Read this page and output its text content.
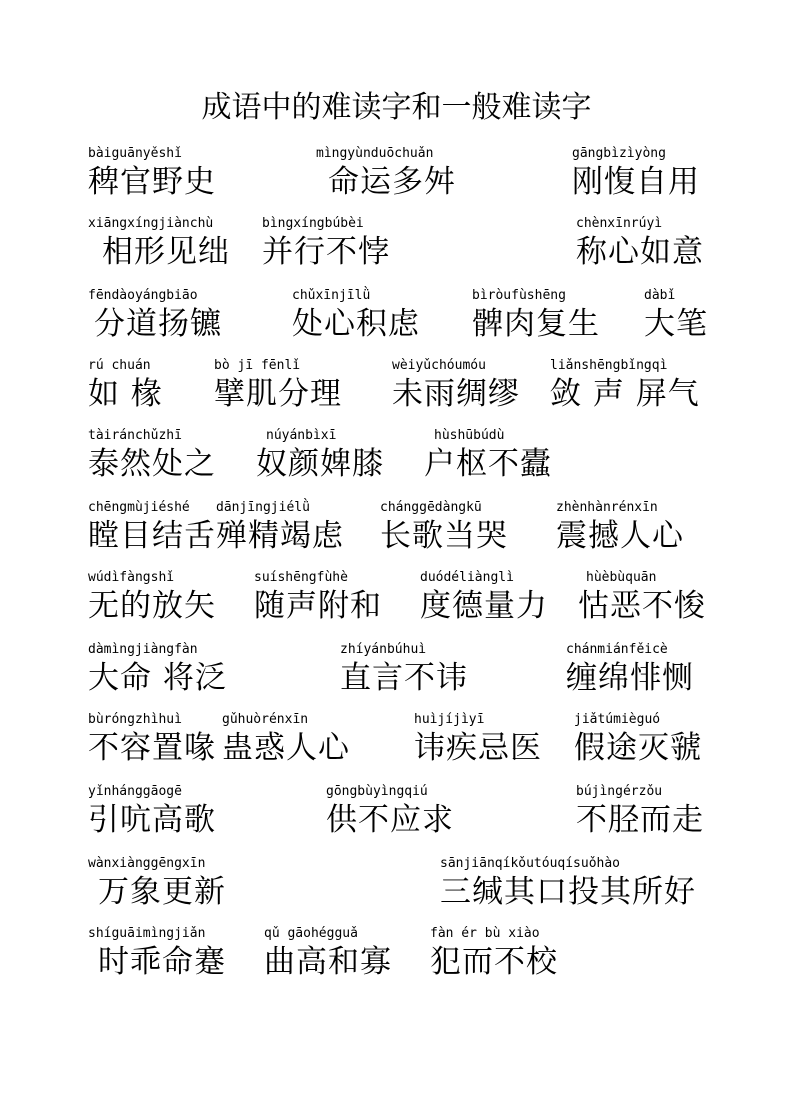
成语中的难读字和一般难读字
bàiguānyěshǐ
稗官野史
mìngyùnduōchuǎn
命运多舛
gāngbìzìyòng
刚愎自用
xiāngxíngjiànchù
相形见绌
bìngxíngbúbèi
并行不悖
chènxīnrúyì
称心如意
fēndàoyángbiāo
分道扬镳
chǔxīnjīlǜ
处心积虑
bìròufùshēng
髀肉复生
dàbǐ
大笔
rú chuán
如 椽
bò jī fēnlǐ
擘肌分理
wèiyǔchóumóu
未雨绸缪
liǎnshēngbǐngqì
敛 声 屏气
tàiránchǔzhī
泰然处之
núyánbìxī
奴颜婢膝
hùshūbúdù
户枢不蠹
chēngmùjiéshé
瞠目结舌
dānjīngjiélǜ
殚精竭虑
chánggēdàngkū
长歌当哭
zhènhànrénxīn
震撼人心
wúdìfàngshǐ
无的放矢
suíshēngfùhè
随声附和
duódéliànglì
度德量力
hùèbùquān
怙恶不悛
dàmìngjiàngfàn
大命 将泛
zhíyánbúhuì
直言不讳
chánmiánfěicè
缠绵悱恻
bùróngzhìhuì
不容置喙
gǔhuòrénxīn
蛊惑人心
huìjíjìyī
讳疾忌医
jiǎtúmièguó
假途灭虢
yǐnhánggāogē
引吭高歌
gōngbùyìngqiú
供不应求
bújìngérzǒu
不胫而走
wànxiànggēngxīn
万象更新
sānjiānqíkǒutóuqísuǒhào
三缄其口投其所好
shíguāimìngjiǎn
时乖命蹇
qǔ gāohégguǎ
曲高和寡
fàn ér bù xiào
犯而不校
